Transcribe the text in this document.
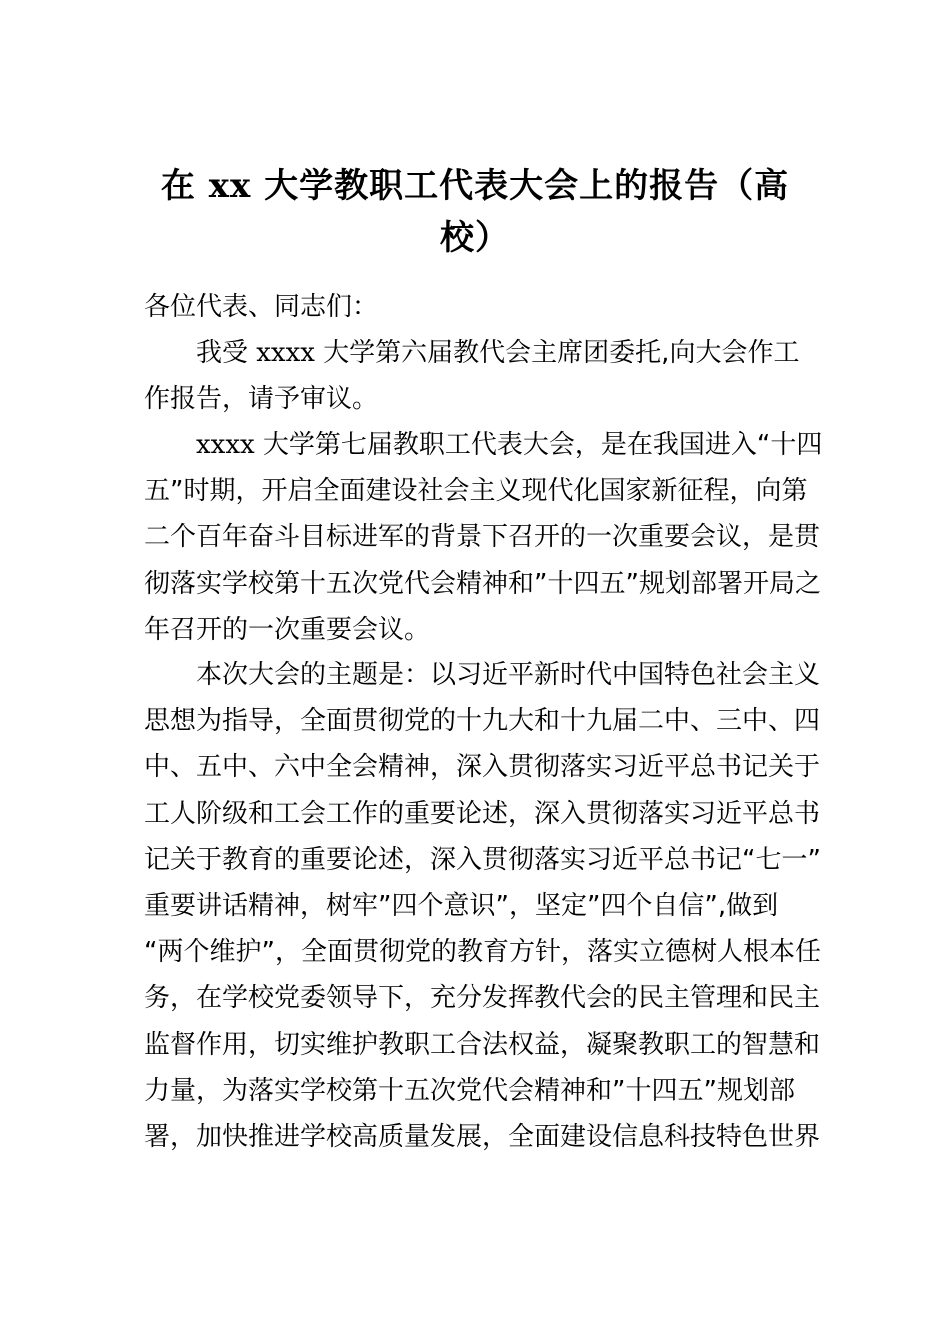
在 xx 大学教职工代表大会上的报告（高校）
各位代表、同志们：
我受 xxxx 大学第六届教代会主席团委托,向大会作工作报告，请予审议。
xxxx 大学第七届教职工代表大会，是在我国进入“十四五”时期，开启全面建设社会主义现代化国家新征程，向第二个百年奋斗目标进军的背景下召开的一次重要会议，是贯彻落实学校第十五次党代会精神和”十四五”规划部署开局之年召开的一次重要会议。
本次大会的主题是：以习近平新时代中国特色社会主义思想为指导，全面贯彻党的十九大和十九届二中、三中、四中、五中、六中全会精神，深入贯彻落实习近平总书记关于工人阶级和工会工作的重要论述，深入贯彻落实习近平总书记关于教育的重要论述，深入贯彻落实习近平总书记“七一” 重要讲话精神，树牢”四个意识”，坚定”四个自信”,做到 “两个维护”，全面贯彻党的教育方针，落实立德树人根本任务，在学校党委领导下，充分发挥教代会的民主管理和民主监督作用，切实维护教职工合法权益，凝聚教职工的智慧和力量，为落实学校第十五次党代会精神和”十四五”规划部署，加快推进学校高质量发展，全面建设信息科技特色世界
